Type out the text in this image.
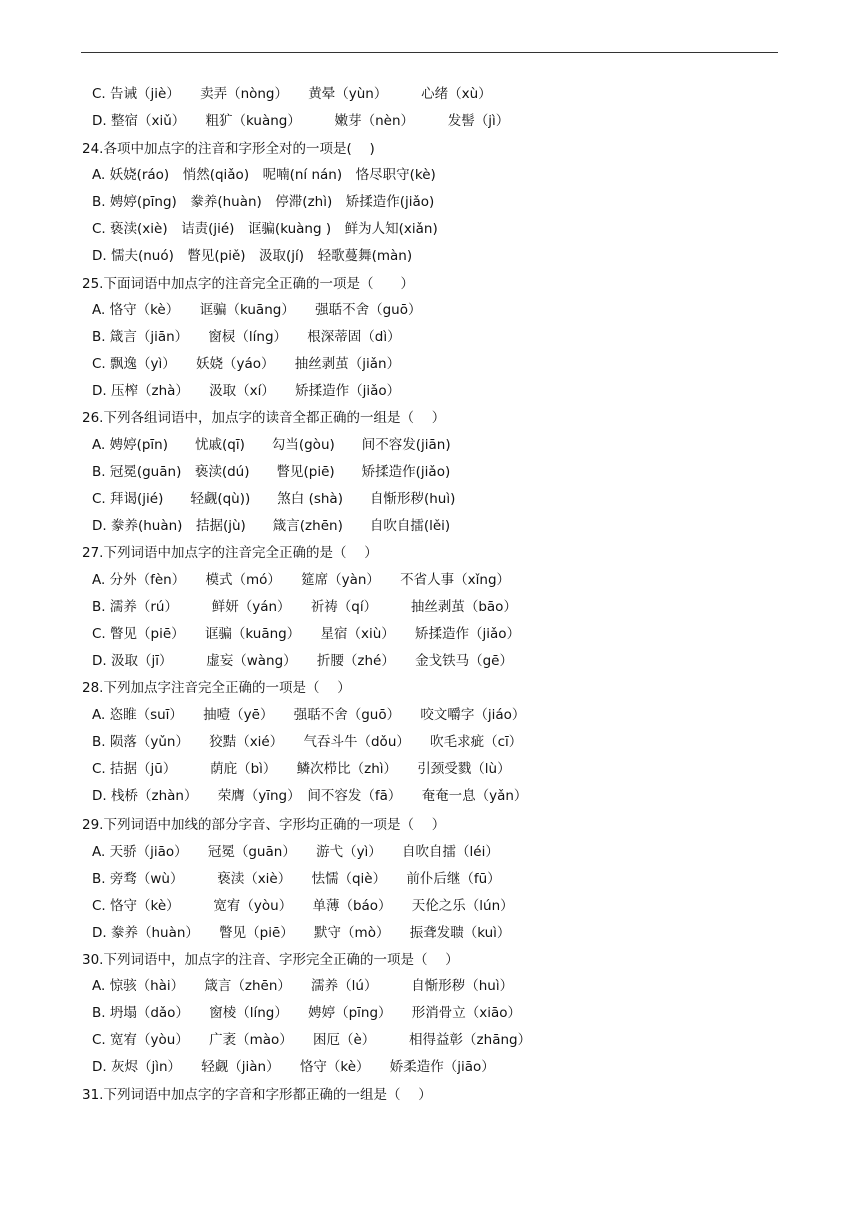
C. 告诫（jiè）　　卖弄（nòng）　　黄晕（yùn）　　　心绪（xù）
D. 整宿（xiǔ）　　粗犷（kuàng）　　　嫩芽（nèn）　　　发髻（jì）
24.各项中加点字的注音和字形全对的一项是(　 )
A. 妖娆(ráo)　悄然(qiǎo)　呢喃(ní nán)　恪尽职守(kè)
B. 娉婷(pīng)　豢养(huàn)　停滞(zhì)　矫揉造作(jiǎo)
C. 亵渎(xiè)　诘责(jié)　诓骗(kuàng )　鲜为人知(xiǎn)
D. 懦夫(nuó)　瞥见(piě)　汲取(jí)　轻歌蔓舞(màn)
25.下面词语中加点字的注音完全正确的一项是（　　）
A. 恪守（kè）　　诓骗（kuāng）　　强聒不舍（guō）
B. 箴言（jiān）　　窗棂（líng）　　根深蒂固（dì）
C. 飘逸（yì）　　妖娆（yáo）　　抽丝剥茧（jiǎn）
D. 压榨（zhà）　　汲取（xí）　　矫揉造作（jiǎo）
26.下列各组词语中，加点字的读音全都正确的一组是（　 ）
A. 娉婷(pīn)　　忧戚(qī)　　勾当(gòu)　　间不容发(jiān)
B. 冠冕(guān)　亵渎(dú)　　瞥见(piē)　　矫揉造作(jiǎo)
C. 拜谒(jié)　　轻觑(qù))　　煞白 (shà)　　自惭形秽(huì)
D. 豢养(huàn)　拮据(jù)　　箴言(zhēn)　　自吹自擂(lěi)
27.下列词语中加点字的注音完全正确的是（　 ）
A. 分外（fèn）　　模式（mó）　　筵席（yàn）　　不省人事（xǐng）
B. 濡养（rú）　　　鲜妍（yán）　　祈祷（qí）　　　抽丝剥茧（bāo）
C. 瞥见（piē）　　诓骗（kuāng）　　星宿（xiù）　　矫揉造作（jiǎo）
D. 汲取（jī）　　　虚妄（wàng）　　折腰（zhé）　　金戈铁马（gē）
28.下列加点字注音完全正确的一项是（　 ）
A. 恣睢（suī）　　抽噎（yē）　　强聒不舍（guō）　　咬文嚼字（jiáo）
B. 陨落（yǔn）　　狡黠（xié）　　气吞斗牛（dǒu）　　吹毛求疵（cī）
C. 拮据（jū）　　　荫庇（bì）　　鳞次栉比（zhì）　　引颈受戮（lù）
D. 栈桥（zhàn）　　荣膺（yīng）　间不容发（fā）　　奄奄一息（yǎn）
29.下列词语中加线的部分字音、字形均正确的一项是（　 ）
A. 天骄（jiāo）　　冠冕（guān）　　游弋（yì）　　自吹自擂（léi）
B. 旁骛（wù）　　　亵渎（xiè）　　怯懦（qiè）　　前仆后继（fū）
C. 恪守（kè）　　　宽宥（yòu）　　单薄（báo）　　天伦之乐（lún）
D. 豢养（huàn）　　瞥见（piē）　　默守（mò）　　振聋发聩（kuì）
30.下列词语中，加点字的注音、字形完全正确的一项是（　 ）
A. 惊骇（hài）　　箴言（zhēn）　　濡养（lú）　　　自惭形秽（huì）
B. 坍塌（dǎo）　　窗棱（líng）　　娉婷（pīng）　　形消骨立（xiāo）
C. 宽宥（yòu）　　广袤（mào）　　困厄（è）　　　相得益彰（zhāng）
D. 灰烬（jìn）　　轻觑（jiàn）　　恪守（kè）　　娇柔造作（jiāo）
31.下列词语中加点字的字音和字形都正确的一组是（　 ）
